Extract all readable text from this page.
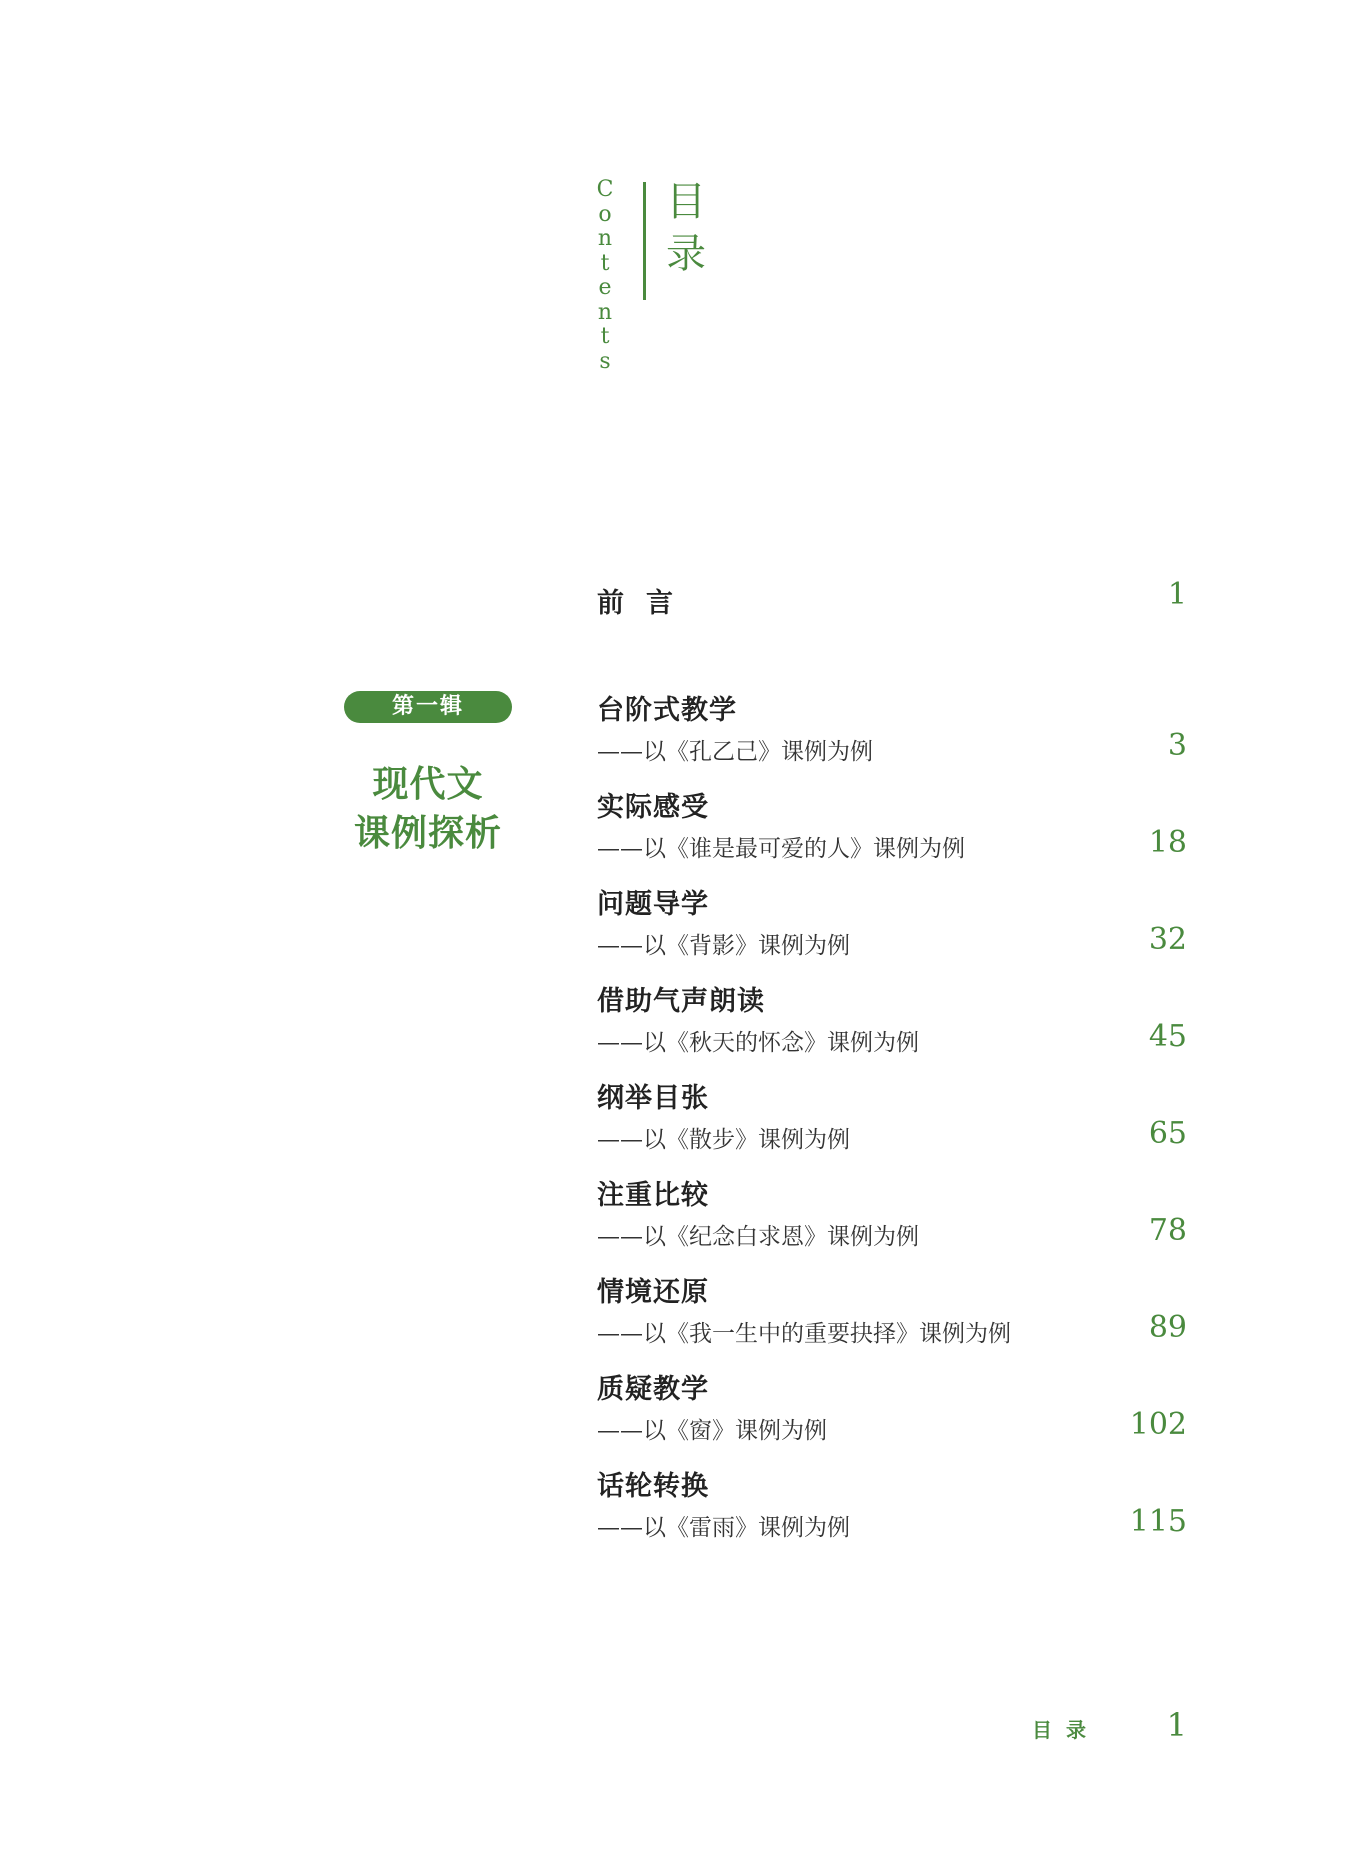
C
o
n
t
e
n
t
s
目
录
前言	1
第一辑
现代文
课例探析
台阶式教学
——以《孔乙己》课例为例	3
实际感受
——以《谁是最可爱的人》课例为例	18
问题导学
——以《背影》课例为例	32
借助气声朗读
——以《秋天的怀念》课例为例	45
纲举目张
——以《散步》课例为例	65
注重比较
——以《纪念白求恩》课例为例	78
情境还原
——以《我一生中的重要抉择》课例为例	89
质疑教学
——以《窗》课例为例	102
话轮转换
——以《雷雨》课例为例	115
目录 1
